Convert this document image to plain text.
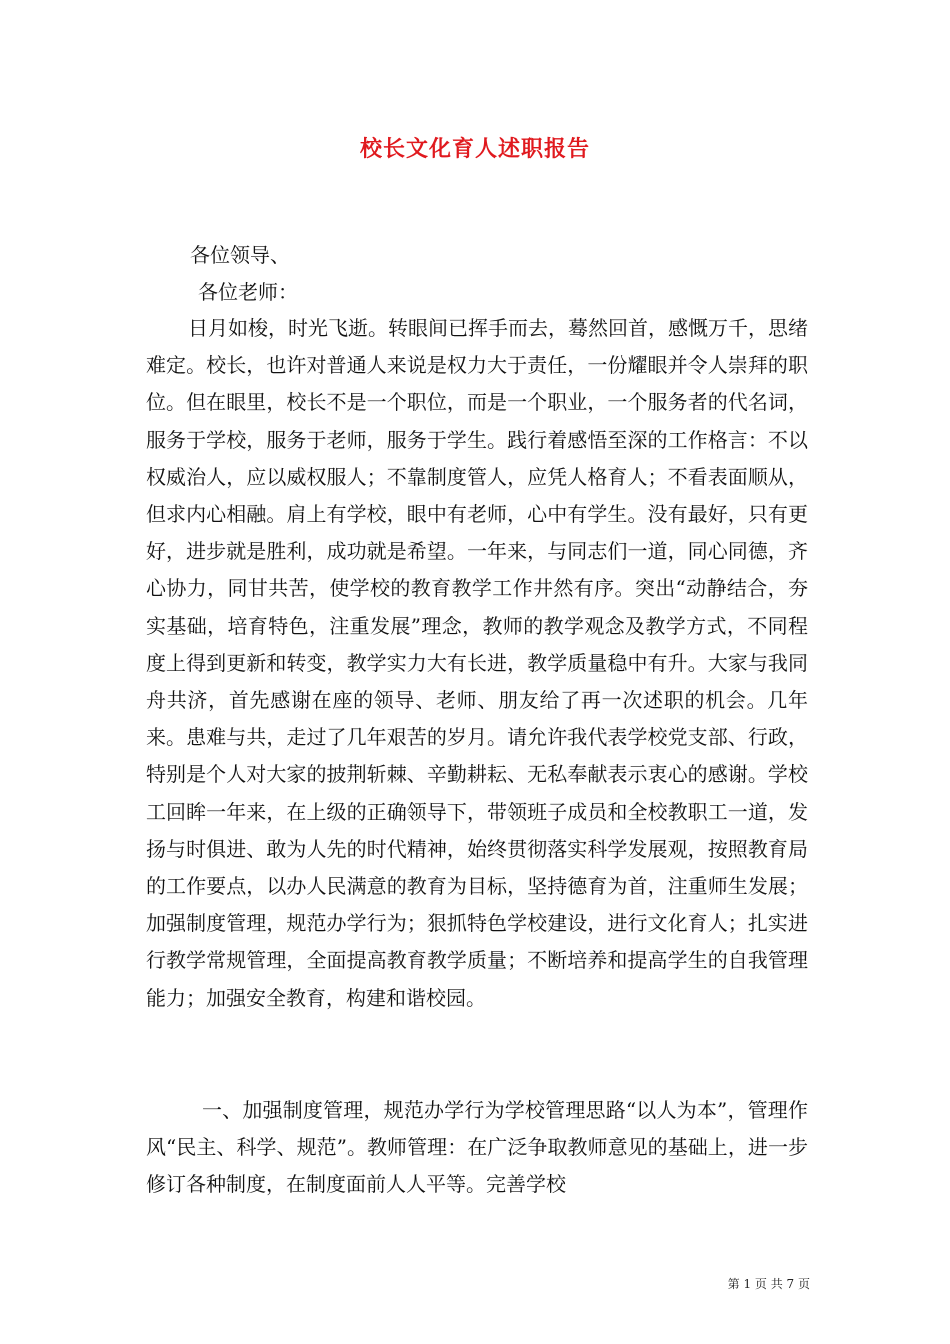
校长文化育人述职报告
各位领导、
各位老师：

日月如梭，时光飞逝。转眼间已挥手而去，蓦然回首，感慨万千，思绪难定。校长，也许对普通人来说是权力大于责任，一份耀眼并令人崇拜的职位。但在眼里，校长不是一个职位，而是一个职业，一个服务者的代名词，服务于学校，服务于老师，服务于学生。践行着感悟至深的工作格言：不以权威治人，应以威权服人；不靠制度管人，应凭人格育人；不看表面顺从，但求内心相融。肩上有学校，眼中有老师，心中有学生。没有最好，只有更好，进步就是胜利，成功就是希望。一年来，与同志们一道，同心同德，齐心协力，同甘共苦，使学校的教育教学工作井然有序。突出“动静结合，夯实基础，培育特色，注重发展”理念，教师的教学观念及教学方式，不同程度上得到更新和转变，教学实力大有长进，教学质量稳中有升。大家与我同舟共济，首先感谢在座的领导、老师、朋友给了再一次述职的机会。几年来。患难与共，走过了几年艰苦的岁月。请允许我代表学校党支部、行政，特别是个人对大家的披荆斩棘、辛勤耕耘、无私奉献表示衷心的感谢。学校工回眸一年来，在上级的正确领导下，带领班子成员和全校教职工一道，发扬与时俱进、敢为人先的时代精神，始终贯彻落实科学发展观，按照教育局的工作要点，以办人民满意的教育为目标，坚持德育为首，注重师生发展；加强制度管理，规范办学行为；狠抓特色学校建设，进行文化育人；扎实进行教学常规管理，全面提高教育教学质量；不断培养和提高学生的自我管理能力；加强安全教育，构建和谐校园。

一、加强制度管理，规范办学行为学校管理思路“以人为本”，管理作风“民主、科学、规范”。教师管理：在广泛争取教师意见的基础上，进一步修订各种制度，在制度面前人人平等。完善学校

第 1 页 共 7 页
